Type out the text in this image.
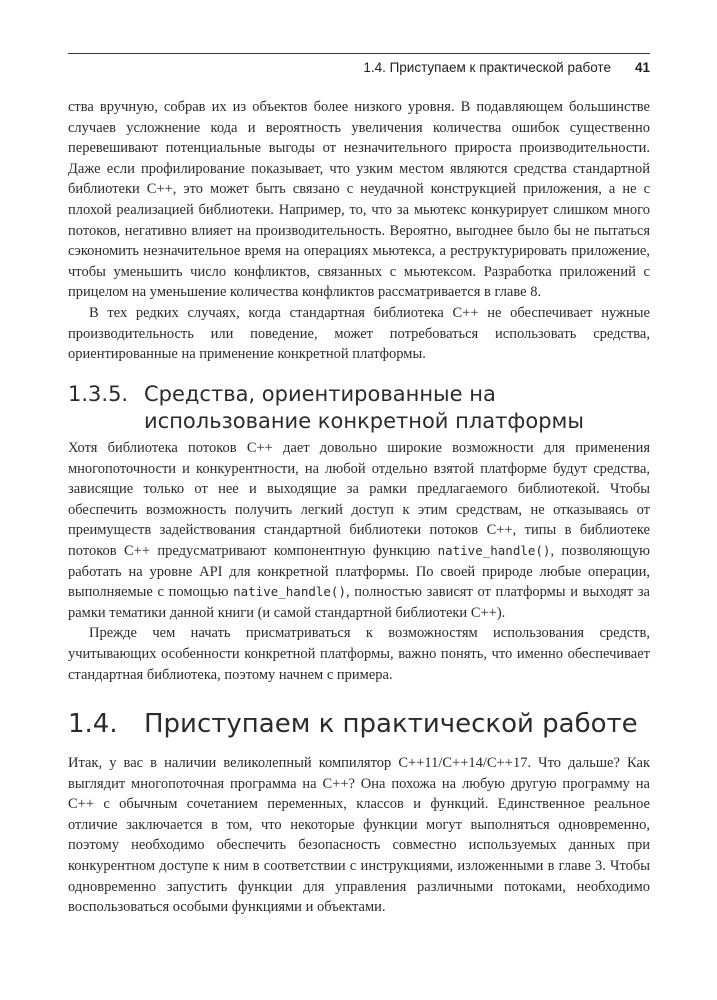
1.4. Приступаем к практической работе 41

ства вручную, собрав их из объектов более низкого уровня. В подавляющем большинстве случаев усложнение кода и вероятность увеличения количества ошибок существенно перевешивают потенциальные выгоды от незначительного прироста производительности. Даже если профилирование показывает, что узким местом являются средства стандартной библиотеки C++, это может быть связано с неудачной конструкцией приложения, а не с плохой реализацией библиотеки. Например, то, что за мьютекс конкурирует слишком много потоков, негативно влияет на производительность. Вероятно, выгоднее было бы не пытаться сэкономить незначительное время на операциях мьютекса, а реструктурировать приложение, чтобы уменьшить число конфликтов, связанных с мьютексом. Разработка приложений с прицелом на уменьшение количества конфликтов рассматривается в главе 8.

В тех редких случаях, когда стандартная библиотека C++ не обеспечивает нужные производительность или поведение, может потребоваться использовать средства, ориентированные на применение конкретной платформы.

1.3.5. Средства, ориентированные на использование конкретной платформы

Хотя библиотека потоков C++ дает довольно широкие возможности для применения многопоточности и конкурентности, на любой отдельно взятой платформе будут средства, зависящие только от нее и выходящие за рамки предлагаемого библиотекой. Чтобы обеспечить возможность получить легкий доступ к этим средствам, не отказываясь от преимуществ задействования стандартной библиотеки потоков C++, типы в библиотеке потоков C++ предусматривают компонентную функцию native_handle(), позволяющую работать на уровне API для конкретной платформы. По своей природе любые операции, выполняемые с помощью native_handle(), полностью зависят от платформы и выходят за рамки тематики данной книги (и самой стандартной библиотеки C++).

Прежде чем начать присматриваться к возможностям использования средств, учитывающих особенности конкретной платформы, важно понять, что именно обеспечивает стандартная библиотека, поэтому начнем с примера.

1.4. Приступаем к практической работе

Итак, у вас в наличии великолепный компилятор C++11/C++14/C++17. Что дальше? Как выглядит многопоточная программа на C++? Она похожа на любую другую программу на C++ с обычным сочетанием переменных, классов и функций. Единственное реальное отличие заключается в том, что некоторые функции могут выполняться одновременно, поэтому необходимо обеспечить безопасность совместно используемых данных при конкурентном доступе к ним в соответствии с инструкциями, изложенными в главе 3. Чтобы одновременно запустить функции для управления различными потоками, необходимо воспользоваться особыми функциями и объектами.
